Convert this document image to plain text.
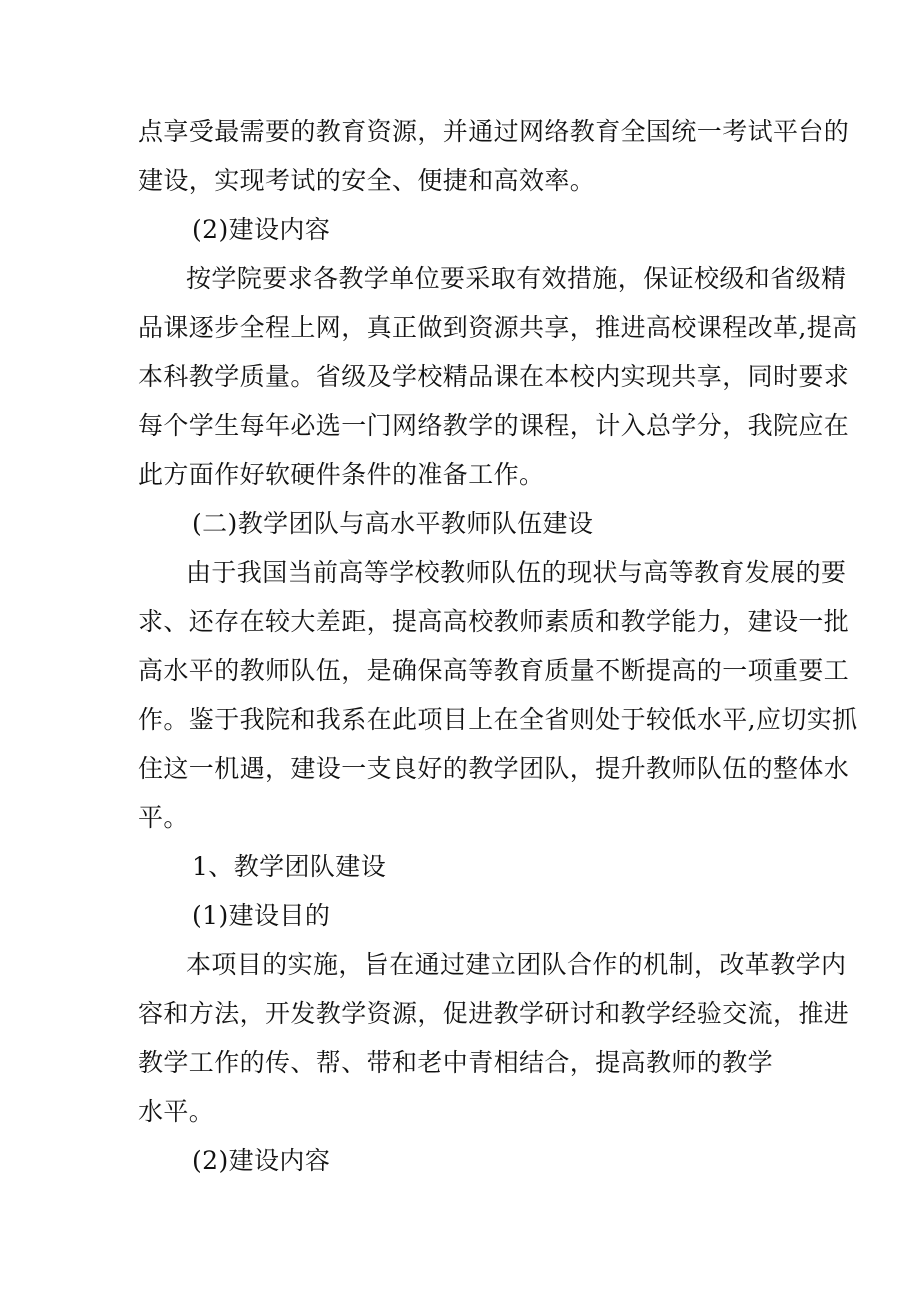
点享受最需要的教育资源，并通过网络教育全国统一考试平台的
建设，实现考试的安全、便捷和高效率。
(2)建设内容
按学院要求各教学单位要采取有效措施，保证校级和省级精
品课逐步全程上网，真正做到资源共享，推进高校课程改革,提高
本科教学质量。省级及学校精品课在本校内实现共享，同时要求
每个学生每年必选一门网络教学的课程，计入总学分，我院应在
此方面作好软硬件条件的准备工作。
(二)教学团队与高水平教师队伍建设
由于我国当前高等学校教师队伍的现状与高等教育发展的要
求、还存在较大差距，提高高校教师素质和教学能力，建设一批
高水平的教师队伍，是确保高等教育质量不断提高的一项重要工
作。鉴于我院和我系在此项目上在全省则处于较低水平,应切实抓
住这一机遇，建设一支良好的教学团队，提升教师队伍的整体水
平。
1、教学团队建设
(1)建设目的
本项目的实施，旨在通过建立团队合作的机制，改革教学内
容和方法，开发教学资源，促进教学研讨和教学经验交流，推进
教学工作的传、帮、带和老中青相结合，提高教师的教学
水平。
(2)建设内容
